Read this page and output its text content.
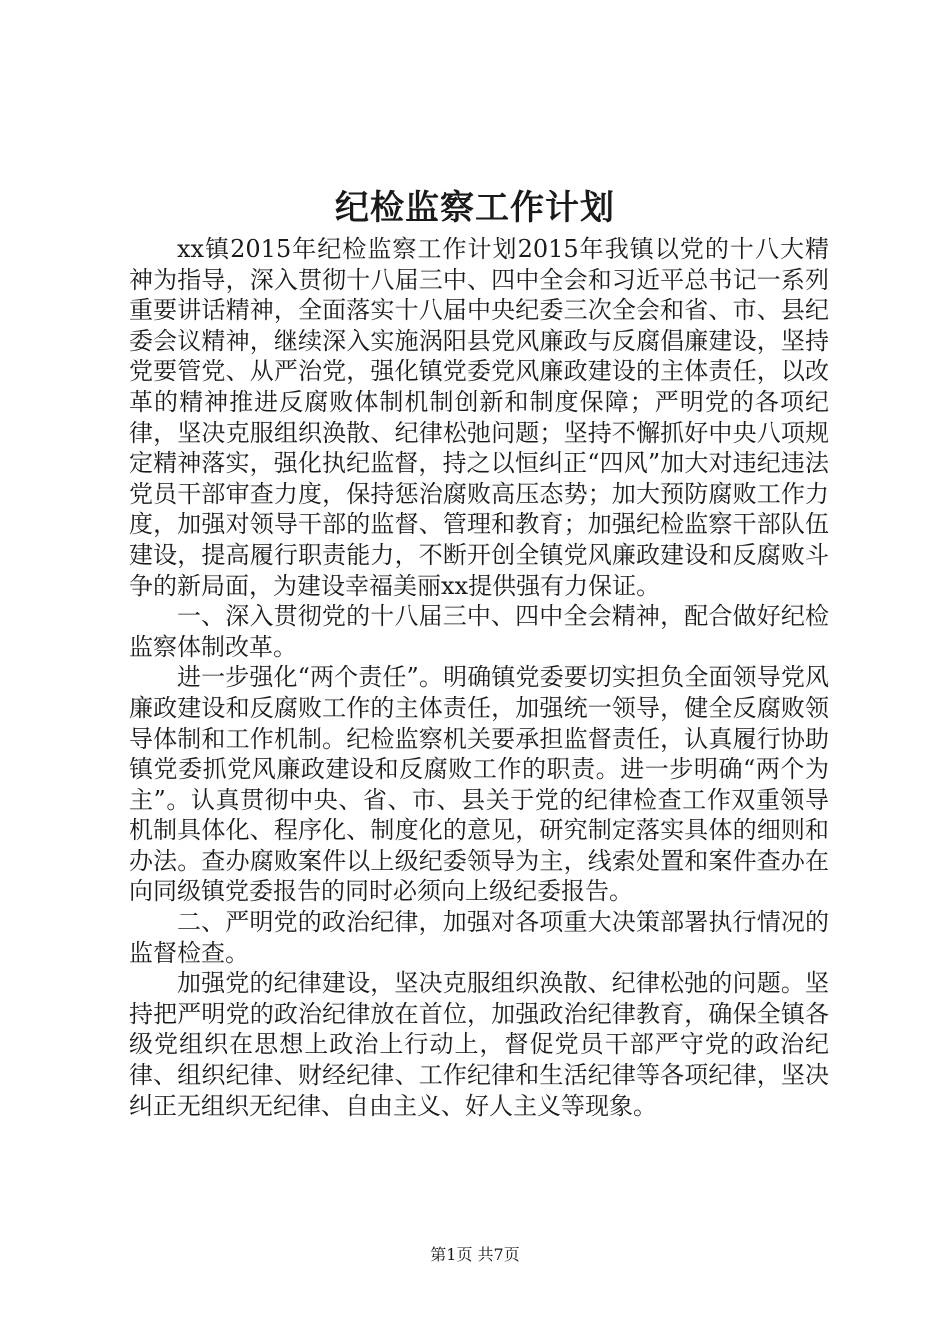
纪检监察工作计划

xx镇2015年纪检监察工作计划2015年我镇以党的十八大精神为指导，深入贯彻十八届三中、四中全会和习近平总书记一系列重要讲话精神，全面落实十八届中央纪委三次全会和省、市、县纪委会议精神，继续深入实施涡阳县党风廉政与反腐倡廉建设，坚持党要管党、从严治党，强化镇党委党风廉政建设的主体责任，以改革的精神推进反腐败体制机制创新和制度保障；严明党的各项纪律，坚决克服组织涣散、纪律松弛问题；坚持不懈抓好中央八项规定精神落实，强化执纪监督，持之以恒纠正“四风”加大对违纪违法党员干部审查力度，保持惩治腐败高压态势；加大预防腐败工作力度，加强对领导干部的监督、管理和教育；加强纪检监察干部队伍建设，提高履行职责能力，不断开创全镇党风廉政建设和反腐败斗争的新局面，为建设幸福美丽xx提供强有力保证。

一、深入贯彻党的十八届三中、四中全会精神，配合做好纪检监察体制改革。

进一步强化“两个责任”。明确镇党委要切实担负全面领导党风廉政建设和反腐败工作的主体责任，加强统一领导，健全反腐败领导体制和工作机制。纪检监察机关要承担监督责任，认真履行协助镇党委抓党风廉政建设和反腐败工作的职责。进一步明确“两个为主”。认真贯彻中央、省、市、县关于党的纪律检查工作双重领导机制具体化、程序化、制度化的意见，研究制定落实具体的细则和办法。查办腐败案件以上级纪委领导为主，线索处置和案件查办在向同级镇党委报告的同时必须向上级纪委报告。

二、严明党的政治纪律，加强对各项重大决策部署执行情况的监督检查。

加强党的纪律建设，坚决克服组织涣散、纪律松弛的问题。坚持把严明党的政治纪律放在首位，加强政治纪律教育，确保全镇各级党组织在思想上政治上行动上，督促党员干部严守党的政治纪律、组织纪律、财经纪律、工作纪律和生活纪律等各项纪律，坚决纠正无组织无纪律、自由主义、好人主义等现象。

第1页 共7页
